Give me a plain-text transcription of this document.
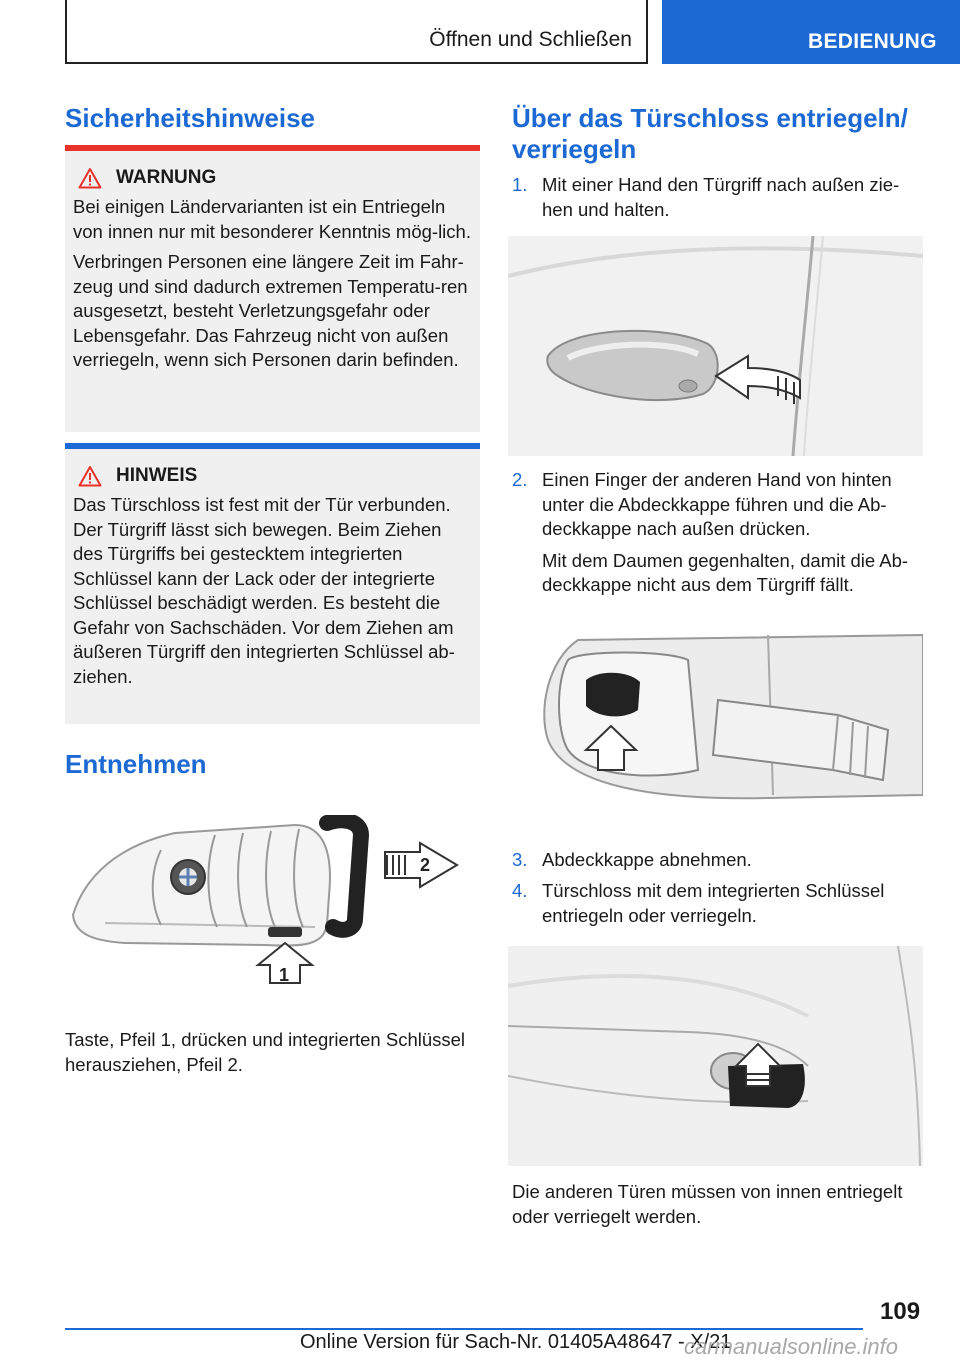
Öffnen und Schließen	BEDIENUNG
Sicherheitshinweise
WARNUNG

Bei einigen Ländervarianten ist ein Entriegeln von innen nur mit besonderer Kenntnis mög-lich.

Verbringen Personen eine längere Zeit im Fahr-zeug und sind dadurch extremen Temperatu-ren ausgesetzt, besteht Verletzungsgefahr oder Lebensgefahr. Das Fahrzeug nicht von außen verriegeln, wenn sich Personen darin befinden.

HINWEIS

Das Türschloss ist fest mit der Tür verbunden. Der Türgriff lässt sich bewegen. Beim Ziehen des Türgriffs bei gestecktem integrierten Schlüssel kann der Lack oder der integrierte Schlüssel beschädigt werden. Es besteht die Gefahr von Sachschäden. Vor dem Ziehen am äußeren Türgriff den integrierten Schlüssel ab-ziehen.

Entnehmen
1
2

Taste, Pfeil 1, drücken und integrierten Schlüssel herausziehen, Pfeil 2.

Über das Türschloss entriegeln/ verriegeln
1. Mit einer Hand den Türgriff nach außen zie-hen und halten.

2. Einen Finger der anderen Hand von hinten unter die Abdeckkappe führen und die Ab-deckkappe nach außen drücken.

Mit dem Daumen gegenhalten, damit die Ab-deckkappe nicht aus dem Türgriff fällt.

3. Abdeckkappe abnehmen.

4. Türschloss mit dem integrierten Schlüssel entriegeln oder verriegeln.

Die anderen Türen müssen von innen entriegelt oder verriegelt werden.

109
Online Version für Sach-Nr. 01405A48647 - X/21
carmanualsonline.info
